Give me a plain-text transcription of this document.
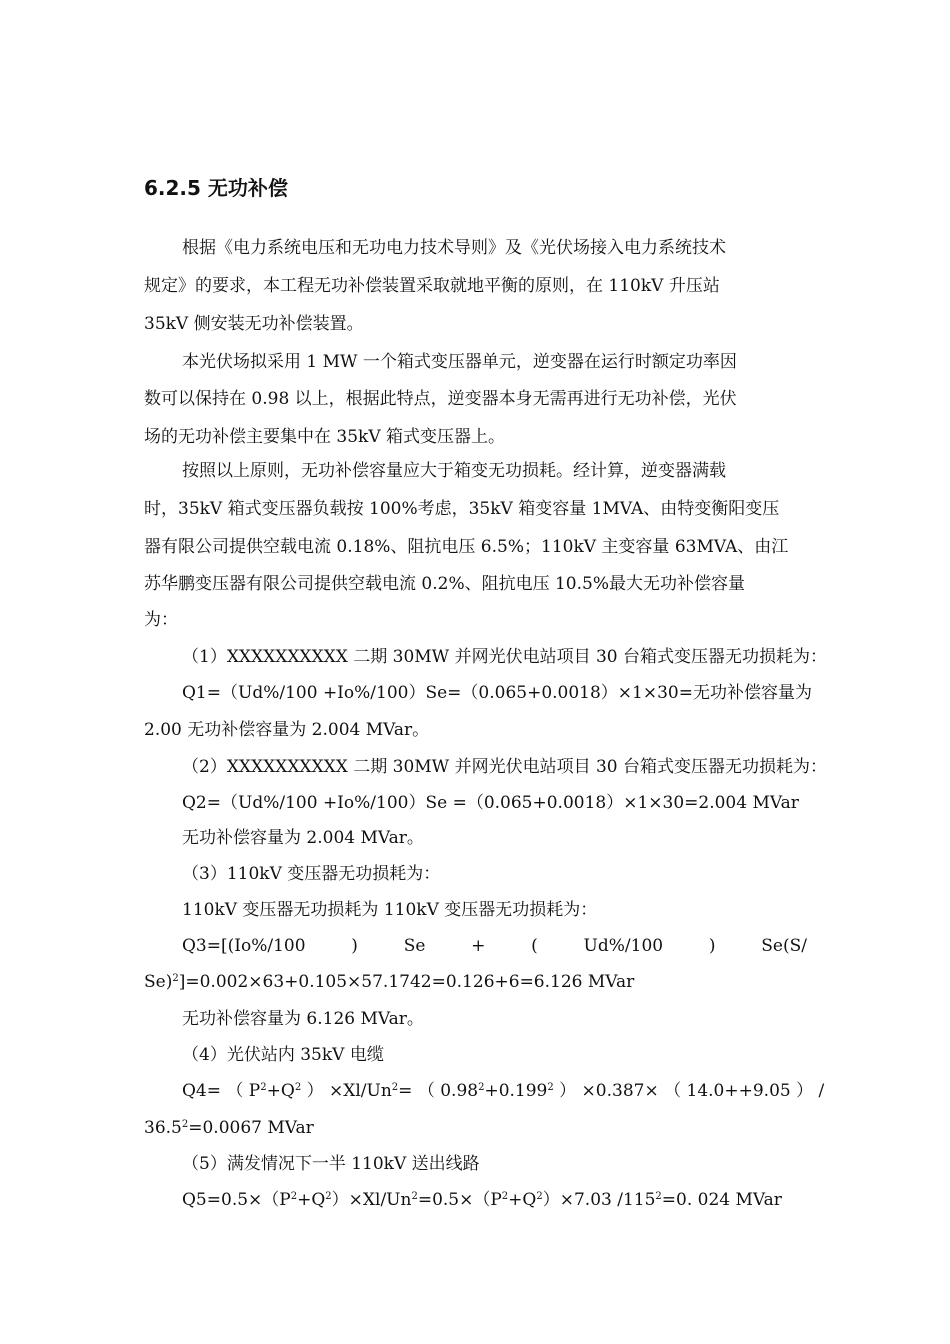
6.2.5 无功补偿
根据《电力系统电压和无功电力技术导则》及《光伏场接入电力系统技术
规定》的要求，本工程无功补偿装置采取就地平衡的原则，在 110kV 升压站
35kV 侧安装无功补偿装置。
本光伏场拟采用 1 MW 一个箱式变压器单元，逆变器在运行时额定功率因
数可以保持在 0.98 以上，根据此特点，逆变器本身无需再进行无功补偿，光伏
场的无功补偿主要集中在 35kV 箱式变压器上。
按照以上原则，无功补偿容量应大于箱变无功损耗。经计算，逆变器满载
时，35kV 箱式变压器负载按 100%考虑，35kV 箱变容量 1MVA、由特变衡阳变压
器有限公司提供空载电流 0.18%、阻抗电压 6.5%；110kV 主变容量 63MVA、由江
苏华鹏变压器有限公司提供空载电流 0.2%、阻抗电压 10.5%最大无功补偿容量
为：
（1）XXXXXXXXXX 二期 30MW 并网光伏电站项目 30 台箱式变压器无功损耗为：
Q1=（Ud%/100 +Io%/100）Se=（0.065+0.0018）×1×30=无功补偿容量为
2.00 无功补偿容量为 2.004 MVar。
（2）XXXXXXXXXX 二期 30MW 并网光伏电站项目 30 台箱式变压器无功损耗为：
Q2=（Ud%/100 +Io%/100）Se =（0.065+0.0018）×1×30=2.004 MVar
无功补偿容量为 2.004 MVar。
（3）110kV 变压器无功损耗为：
110kV 变压器无功损耗为 110kV 变压器无功损耗为：
Q3=[(Io%/100	)	Se	+	(	Ud%/100	)	Se(S/
Se)$^2$]=0.002×63+0.105×57.1742=0.126+6=6.126 MVar
无功补偿容量为 6.126 MVar。
（4）光伏站内 35kV 电缆
Q4= （ $P^2+Q^2$ ） $\times Xl/Un^2=$ （ $0.98^2+0.199^2$ ） ×0.387× （ 14.0++9.05 ） /
$36.5^2=0.0067$ MVar
（5）满发情况下一半 110kV 送出线路
$Q5=0.5\times(P^2+Q^2)\times Xl/Un^2=0.5\times(P^2+Q^2)\times 7.03$ $/115^2=0$. 024 MVar
